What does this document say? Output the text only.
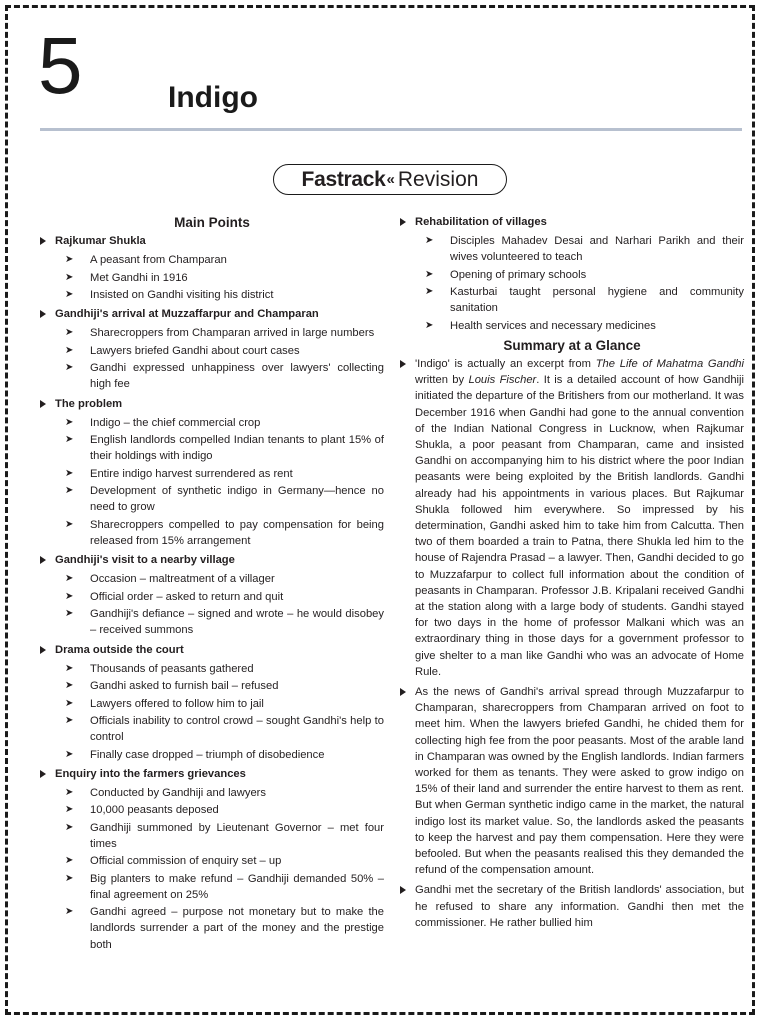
5	Indigo
Fastrack « Revision
Main Points
Rajkumar Shukla
➤ A peasant from Champaran
➤ Met Gandhi in 1916
➤ Insisted on Gandhi visiting his district
Gandhiji's arrival at Muzzaffarpur and Champaran
➤ Sharecroppers from Champaran arrived in large numbers
➤ Lawyers briefed Gandhi about court cases
➤ Gandhi expressed unhappiness over lawyers' collecting high fee
The problem
➤ Indigo – the chief commercial crop
➤ English landlords compelled Indian tenants to plant 15% of their holdings with indigo
➤ Entire indigo harvest surrendered as rent
➤ Development of synthetic indigo in Germany—hence no need to grow
➤ Sharecroppers compelled to pay compensation for being released from 15% arrangement
Gandhiji's visit to a nearby village
➤ Occasion – maltreatment of a villager
➤ Official order – asked to return and quit
➤ Gandhiji's defiance – signed and wrote – he would disobey – received summons
Drama outside the court
➤ Thousands of peasants gathered
➤ Gandhi asked to furnish bail – refused
➤ Lawyers offered to follow him to jail
➤ Officials inability to control crowd – sought Gandhi's help to control
➤ Finally case dropped – triumph of disobedience
Enquiry into the farmers grievances
➤ Conducted by Gandhiji and lawyers
➤ 10,000 peasants deposed
➤ Gandhiji summoned by Lieutenant Governor – met four times
➤ Official commission of enquiry set – up
➤ Big planters to make refund – Gandhiji demanded 50% – final agreement on 25%
➤ Gandhi agreed – purpose not monetary but to make the landlords surrender a part of the money and the prestige both
Rehabilitation of villages
➤ Disciples Mahadev Desai and Narhari Parikh and their wives volunteered to teach
➤ Opening of primary schools
➤ Kasturbai taught personal hygiene and community sanitation
➤ Health services and necessary medicines
Summary at a Glance

'Indigo' is actually an excerpt from The Life of Mahatma Gandhi written by Louis Fischer. It is a detailed account of how Gandhiji initiated the departure of the Britishers from our motherland. It was December 1916 when Gandhi had gone to the annual convention of the Indian National Congress in Lucknow, when Rajkumar Shukla, a poor peasant from Champaran, came and insisted Gandhi on accompanying him to his district where the poor Indian peasants were being exploited by the British landlords. Gandhi already had his appointments in various places. But Rajkumar Shukla followed him everywhere. So impressed by his determination, Gandhi asked him to take him from Calcutta. Then two of them boarded a train to Patna, there Shukla led him to the house of Rajendra Prasad – a lawyer. Then, Gandhi decided to go to Muzzafarpur to collect full information about the condition of peasants in Champaran. Professor J.B. Kripalani received Gandhi at the station along with a large body of students. Gandhi stayed for two days in the home of professor Malkani which was an extraordinary thing in those days for a government professor to give shelter to a man like Gandhi who was an advocate of Home Rule.

As the news of Gandhi's arrival spread through Muzzafarpur to Champaran, sharecroppers from Champaran arrived on foot to meet him. When the lawyers briefed Gandhi, he chided them for collecting high fee from the poor peasants. Most of the arable land in Champaran was owned by the English landlords. Indian farmers worked for them as tenants. They were asked to grow indigo on 15% of their land and surrender the entire harvest to them as rent. But when German synthetic indigo came in the market, the natural indigo lost its market value. So, the landlords asked the peasants to keep the harvest and pay them compensation. Here they were befooled. But when the peasants realised this they demanded the refund of the compensation amount.

Gandhi met the secretary of the British landlords' association, but he refused to share any information. Gandhi then met the commissioner. He rather bullied him
